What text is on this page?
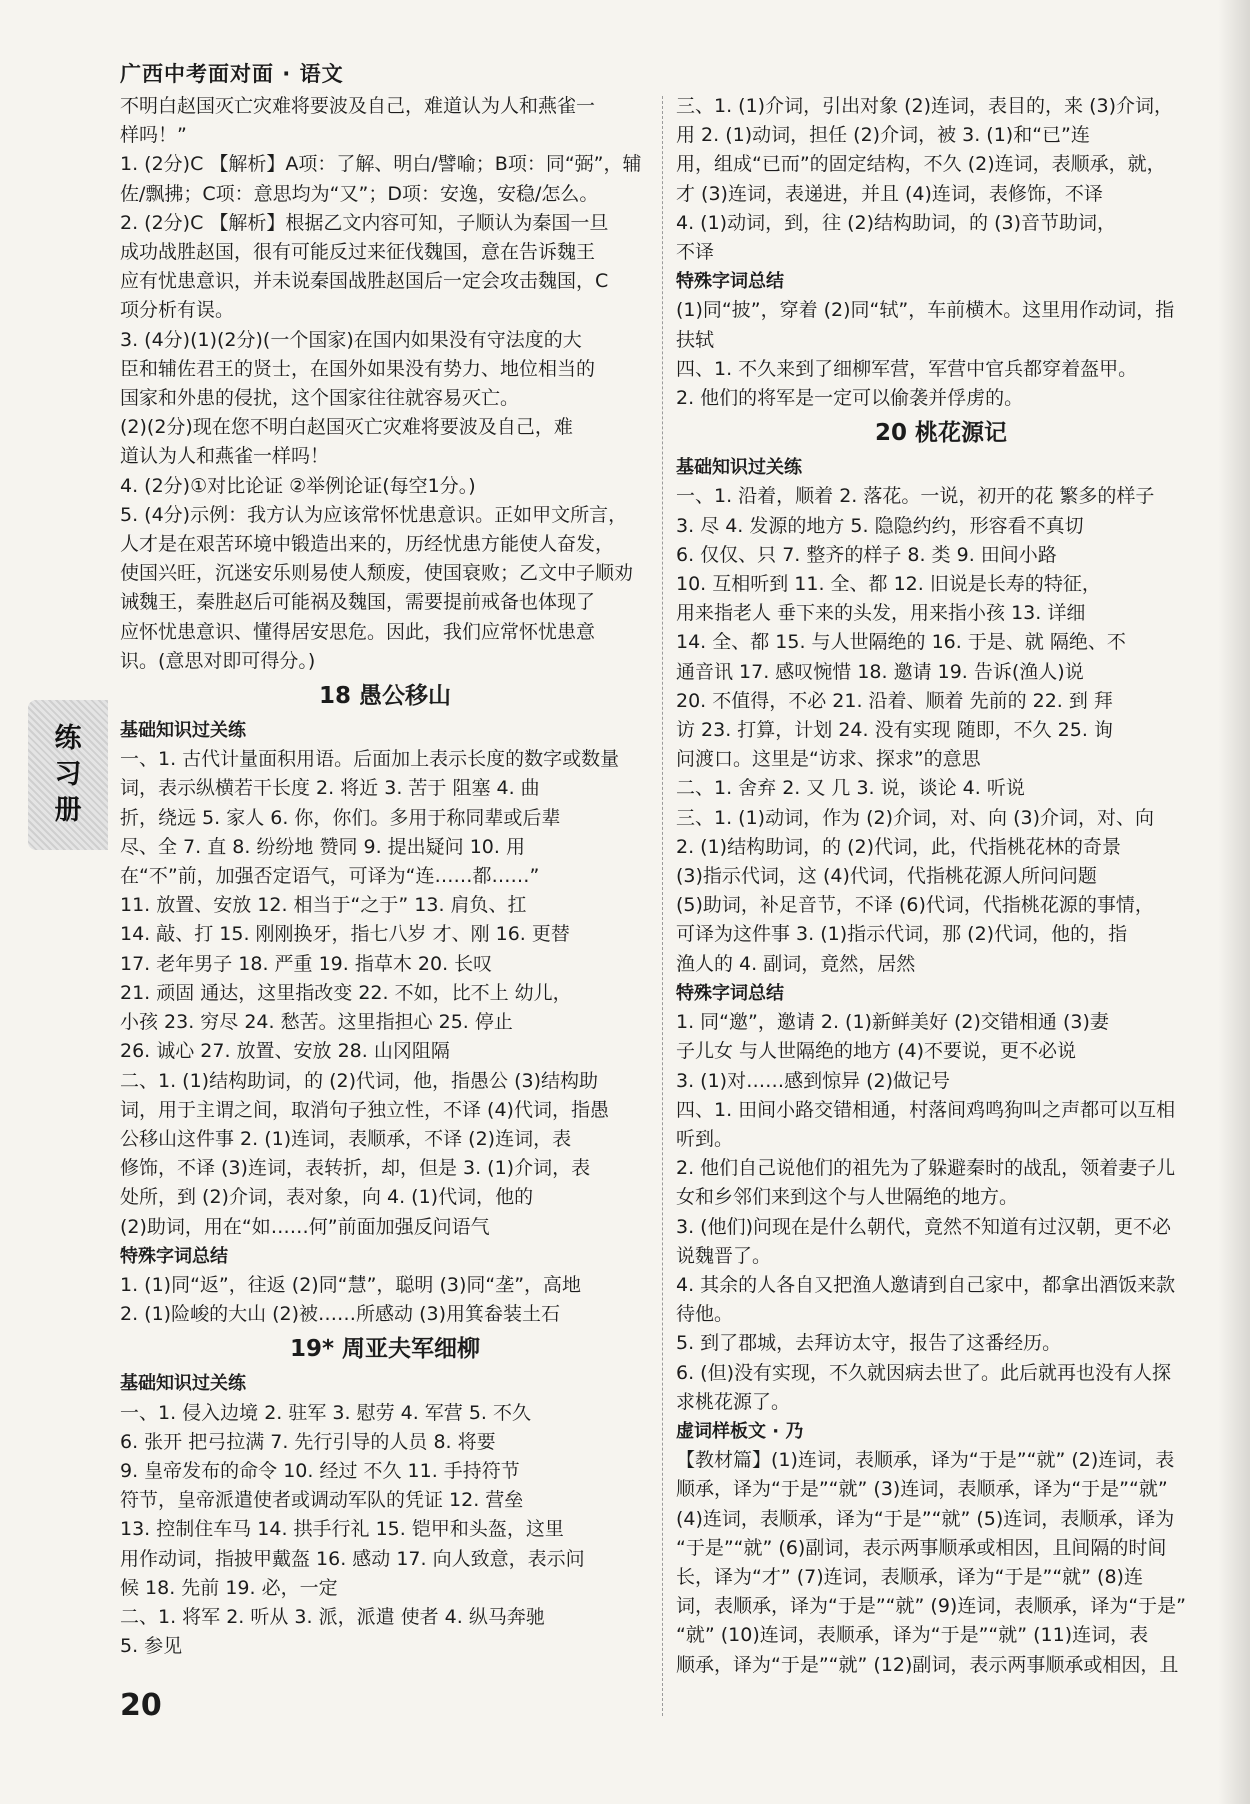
广西中考面对面 · 语文
不明白赵国灭亡灾难将要波及自己，难道认为人和燕雀一
样吗！”
1. (2分)C 【解析】A项：了解、明白/譬喻；B项：同“弼”，辅
佐/飘拂；C项：意思均为“又”；D项：安逸，安稳/怎么。
2. (2分)C 【解析】根据乙文内容可知，子顺认为秦国一旦
成功战胜赵国，很有可能反过来征伐魏国，意在告诉魏王
应有忧患意识，并未说秦国战胜赵国后一定会攻击魏国，C
项分析有误。
3. (4分)(1)(2分)(一个国家)在国内如果没有守法度的大
臣和辅佐君王的贤士，在国外如果没有势力、地位相当的
国家和外患的侵扰，这个国家往往就容易灭亡。
(2)(2分)现在您不明白赵国灭亡灾难将要波及自己，难
道认为人和燕雀一样吗！
4. (2分)①对比论证 ②举例论证(每空1分。)
5. (4分)示例：我方认为应该常怀忧患意识。正如甲文所言，
人才是在艰苦环境中锻造出来的，历经忧患方能使人奋发，
使国兴旺，沉迷安乐则易使人颓废，使国衰败；乙文中子顺劝
诫魏王，秦胜赵后可能祸及魏国，需要提前戒备也体现了
应怀忧患意识、懂得居安思危。因此，我们应常怀忧患意
识。(意思对即可得分。)
18 愚公移山
基础知识过关练
一、1. 古代计量面积用语。后面加上表示长度的数字或数量
词，表示纵横若干长度 2. 将近 3. 苦于 阻塞 4. 曲
折，绕远 5. 家人 6. 你，你们。多用于称同辈或后辈
尽、全 7. 直 8. 纷纷地 赞同 9. 提出疑问 10. 用
在“不”前，加强否定语气，可译为“连……都……”
11. 放置、安放 12. 相当于“之于” 13. 肩负、扛
14. 敲、打 15. 刚刚换牙，指七八岁 才、刚 16. 更替
17. 老年男子 18. 严重 19. 指草木 20. 长叹
21. 顽固 通达，这里指改变 22. 不如，比不上 幼儿，
小孩 23. 穷尽 24. 愁苦。这里指担心 25. 停止
26. 诚心 27. 放置、安放 28. 山冈阻隔
二、1. (1)结构助词，的 (2)代词，他，指愚公 (3)结构助
词，用于主谓之间，取消句子独立性，不译 (4)代词，指愚
公移山这件事 2. (1)连词，表顺承，不译 (2)连词，表
修饰，不译 (3)连词，表转折，却，但是 3. (1)介词，表
处所，到 (2)介词，表对象，向 4. (1)代词，他的
(2)助词，用在“如……何”前面加强反问语气
特殊字词总结
1. (1)同“返”，往返 (2)同“慧”，聪明 (3)同“垄”，高地
2. (1)险峻的大山 (2)被……所感动 (3)用箕畚装土石
19* 周亚夫军细柳
基础知识过关练
一、1. 侵入边境 2. 驻军 3. 慰劳 4. 军营 5. 不久
6. 张开 把弓拉满 7. 先行引导的人员 8. 将要
9. 皇帝发布的命令 10. 经过 不久 11. 手持符节
符节，皇帝派遣使者或调动军队的凭证 12. 营垒
13. 控制住车马 14. 拱手行礼 15. 铠甲和头盔，这里
用作动词，指披甲戴盔 16. 感动 17. 向人致意，表示问
候 18. 先前 19. 必，一定
二、1. 将军 2. 听从 3. 派，派遣 使者 4. 纵马奔驰
5. 参见
三、1. (1)介词，引出对象 (2)连词，表目的，来 (3)介词，
用 2. (1)动词，担任 (2)介词，被 3. (1)和“已”连
用，组成“已而”的固定结构，不久 (2)连词，表顺承，就，
才 (3)连词，表递进，并且 (4)连词，表修饰，不译
4. (1)动词，到，往 (2)结构助词，的 (3)音节助词，
不译
特殊字词总结
(1)同“披”，穿着 (2)同“轼”，车前横木。这里用作动词，指
扶轼
四、1. 不久来到了细柳军营，军营中官兵都穿着盔甲。
2. 他们的将军是一定可以偷袭并俘虏的。
20 桃花源记
基础知识过关练
一、1. 沿着，顺着 2. 落花。一说，初开的花 繁多的样子
3. 尽 4. 发源的地方 5. 隐隐约约，形容看不真切
6. 仅仅、只 7. 整齐的样子 8. 类 9. 田间小路
10. 互相听到 11. 全、都 12. 旧说是长寿的特征，
用来指老人 垂下来的头发，用来指小孩 13. 详细
14. 全、都 15. 与人世隔绝的 16. 于是、就 隔绝、不
通音讯 17. 感叹惋惜 18. 邀请 19. 告诉(渔人)说
20. 不值得，不必 21. 沿着、顺着 先前的 22. 到 拜
访 23. 打算，计划 24. 没有实现 随即，不久 25. 询
问渡口。这里是“访求、探求”的意思
二、1. 舍弃 2. 又 几 3. 说，谈论 4. 听说
三、1. (1)动词，作为 (2)介词，对、向 (3)介词，对、向
2. (1)结构助词，的 (2)代词，此，代指桃花林的奇景
(3)指示代词，这 (4)代词，代指桃花源人所问问题
(5)助词，补足音节，不译 (6)代词，代指桃花源的事情，
可译为这件事 3. (1)指示代词，那 (2)代词，他的，指
渔人的 4. 副词，竟然，居然
特殊字词总结
1. 同“邀”，邀请 2. (1)新鲜美好 (2)交错相通 (3)妻
子儿女 与人世隔绝的地方 (4)不要说，更不必说
3. (1)对……感到惊异 (2)做记号
四、1. 田间小路交错相通，村落间鸡鸣狗叫之声都可以互相
听到。
2. 他们自己说他们的祖先为了躲避秦时的战乱，领着妻子儿
女和乡邻们来到这个与人世隔绝的地方。
3. (他们)问现在是什么朝代，竟然不知道有过汉朝，更不必
说魏晋了。
4. 其余的人各自又把渔人邀请到自己家中，都拿出酒饭来款
待他。
5. 到了郡城，去拜访太守，报告了这番经历。
6. (但)没有实现，不久就因病去世了。此后就再也没有人探
求桃花源了。
虚词样板文 · 乃
【教材篇】(1)连词，表顺承，译为“于是”“就” (2)连词，表
顺承，译为“于是”“就” (3)连词，表顺承，译为“于是”“就”
(4)连词，表顺承，译为“于是”“就” (5)连词，表顺承，译为
“于是”“就” (6)副词，表示两事顺承或相因，且间隔的时间
长，译为“才” (7)连词，表顺承，译为“于是”“就” (8)连
词，表顺承，译为“于是”“就” (9)连词，表顺承，译为“于是”
“就” (10)连词，表顺承，译为“于是”“就” (11)连词，表
顺承，译为“于是”“就” (12)副词，表示两事顺承或相因，且
练
习
册
20
